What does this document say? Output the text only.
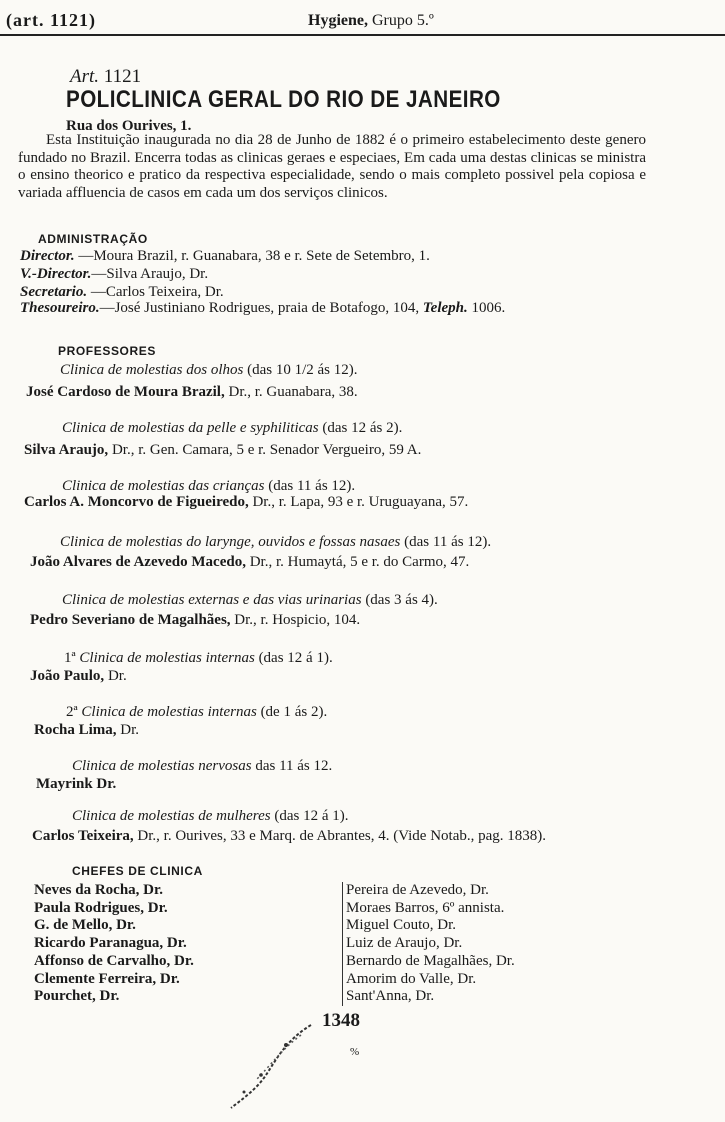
(art. 1121)	Hygiene, Grupo 5.º
Art. 1121
POLICLINICA GERAL DO RIO DE JANEIRO
Rua dos Ourives, 1.
Esta Instituição inaugurada no dia 28 de Junho de 1882 é o primeiro estabelecimento deste genero fundado no Brazil. Encerra todas as clinicas geraes e especiaes, Em cada uma destas clinicas se ministra o ensino theorico e pratico da respectiva especialidade, sendo o mais completo possivel pela copiosa e variada affluencia de casos em cada um dos serviços clinicos.
ADMINISTRAÇÃO
Director. —Moura Brazil, r. Guanabara, 38 e r. Sete de Setembro, 1.
V.-Director.—Silva Araujo, Dr.
Secretario. —Carlos Teixeira, Dr.
Thesoureiro.—José Justiniano Rodrigues, praia de Botafogo, 104, Teleph. 1006.
PROFESSORES
Clinica de molestias dos olhos (das 10 1/2 ás 12).
José Cardoso de Moura Brazil, Dr., r. Guanabara, 38.
Clinica de molestias da pelle e syphiliticas (das 12 ás 2).
Silva Araujo, Dr., r. Gen. Camara, 5 e r. Senador Vergueiro, 59 A.
Clinica de molestias das crianças (das 11 ás 12).
Carlos A. Moncorvo de Figueiredo, Dr., r. Lapa, 93 e r. Uruguayana, 57.
Clinica de molestias do larynge, ouvidos e fossas nasaes (das 11 ás 12).
João Alvares de Azevedo Macedo, Dr., r. Humaytá, 5 e r. do Carmo, 47.
Clinica de molestias externas e das vias urinarias (das 3 ás 4).
Pedro Severiano de Magalhães, Dr., r. Hospicio, 104.
1ª Clinica de molestias internas (das 12 á 1).
João Paulo, Dr.
2ª Clinica de molestias internas (de 1 ás 2).
Rocha Lima, Dr.
Clinica de molestias nervosas das 11 ás 12.
Mayrink Dr.
Clinica de molestias de mulheres (das 12 á 1).
Carlos Teixeira, Dr., r. Ourives, 33 e Marq. de Abrantes, 4. (Vide Notab., pag. 1838).
CHEFES DE CLINICA
Neves da Rocha, Dr.
Paula Rodrigues, Dr.
G. de Mello, Dr.
Ricardo Paranagua, Dr.
Affonso de Carvalho, Dr.
Clemente Ferreira, Dr.
Pourchet, Dr.
Pereira de Azevedo, Dr.
Moraes Barros, 6º annista.
Miguel Couto, Dr.
Luiz de Araujo, Dr.
Bernardo de Magalhães, Dr.
Amorim do Valle, Dr.
Sant'Anna, Dr.
1348
%
